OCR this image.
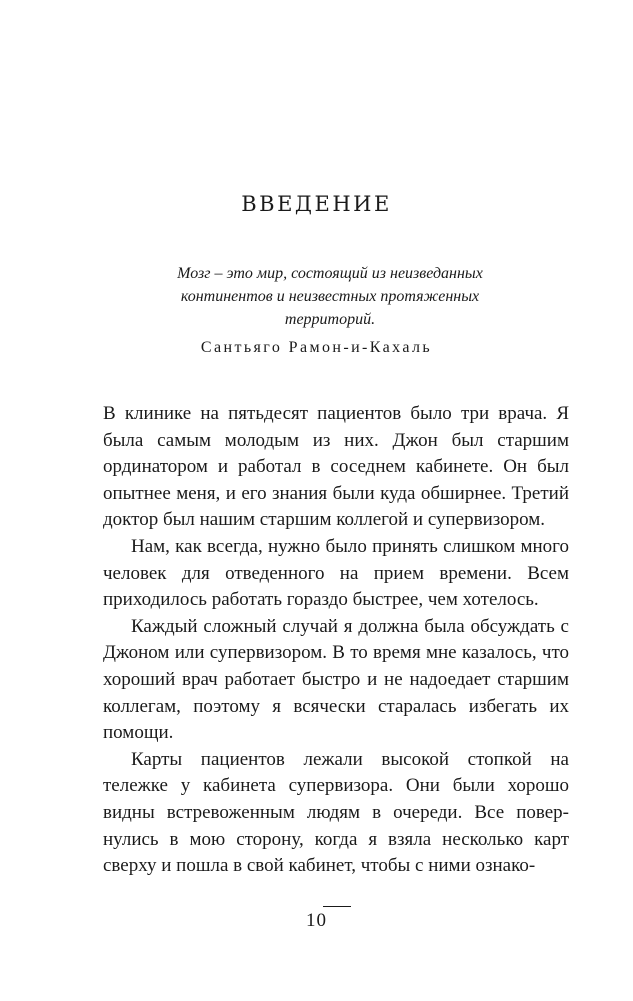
ВВЕДЕНИЕ
Мозг – это мир, состоящий из неизведанных континентов и неизвестных протяженных территорий.
Сантьяго Рамон-и-Кахаль

В клинике на пятьдесят пациентов было три врача. Я была самым молодым из них. Джон был старшим ординатором и работал в соседнем кабинете. Он был опытнее меня, и его знания были куда обширнее. Третий доктор был нашим старшим коллегой и супервизором.

Нам, как всегда, нужно было принять слишком много человек для отведенного на прием времени. Всем приходилось работать гораздо быстрее, чем хотелось.

Каждый сложный случай я должна была обсуждать с Джоном или супервизором. В то время мне казалось, что хороший врач работает быстро и не надоедает старшим коллегам, поэтому я всячески старалась избегать их помощи.

Карты пациентов лежали высокой стопкой на тележке у кабинета супервизора. Они были хорошо видны встревоженным людям в очереди. Все повернулись в мою сторону, когда я взяла несколько карт сверху и пошла в свой кабинет, чтобы с ними ознако-

10
